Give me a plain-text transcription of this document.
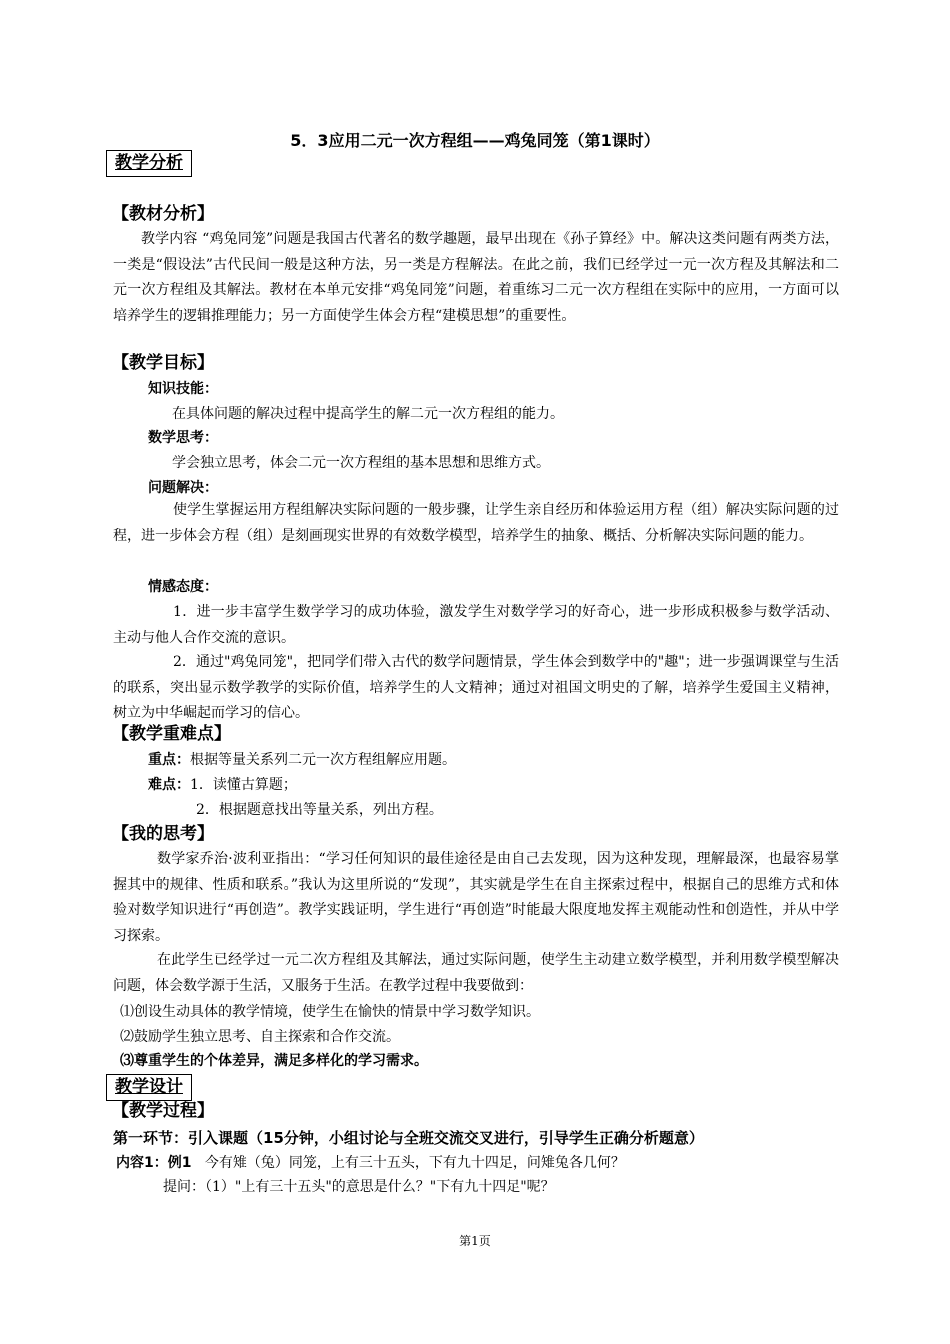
5．3应用二元一次方程组——鸡兔同笼（第1课时）
教学分析
【教材分析】
教学内容 “鸡兔同笼”问题是我国古代著名的数学趣题，最早出现在《孙子算经》中。解决这类问题有两类方法，一类是“假设法”古代民间一般是这种方法，另一类是方程解法。在此之前，我们已经学过一元一次方程及其解法和二元一次方程组及其解法。教材在本单元安排“鸡兔同笼”问题，着重练习二元一次方程组在实际中的应用，一方面可以培养学生的逻辑推理能力；另一方面使学生体会方程“建模思想”的重要性。
【教学目标】
知识技能：
在具体问题的解决过程中提高学生的解二元一次方程组的能力。
数学思考：
学会独立思考，体会二元一次方程组的基本思想和思维方式。
问题解决：
使学生掌握运用方程组解决实际问题的一般步骤，让学生亲自经历和体验运用方程（组）解决实际问题的过程，进一步体会方程（组）是刻画现实世界的有效数学模型，培养学生的抽象、概括、分析解决实际问题的能力。
情感态度：
1．进一步丰富学生数学学习的成功体验，激发学生对数学学习的好奇心，进一步形成积极参与数学活动、主动与他人合作交流的意识。
2．通过"鸡兔同笼"，把同学们带入古代的数学问题情景，学生体会到数学中的"趣"；进一步强调课堂与生活的联系，突出显示数学教学的实际价值，培养学生的人文精神；通过对祖国文明史的了解，培养学生爱国主义精神，树立为中华崛起而学习的信心。
【教学重难点】
重点：根据等量关系列二元一次方程组解应用题。
难点：1．读懂古算题；
2．根据题意找出等量关系，列出方程。
【我的思考】
数学家乔治·波利亚指出：“学习任何知识的最佳途径是由自己去发现，因为这种发现，理解最深，也最容易掌握其中的规律、性质和联系。”我认为这里所说的“发现”，其实就是学生在自主探索过程中，根据自己的思维方式和体验对数学知识进行“再创造”。教学实践证明，学生进行“再创造”时能最大限度地发挥主观能动性和创造性，并从中学习探索。
在此学生已经学过一元二次方程组及其解法，通过实际问题，使学生主动建立数学模型，并利用数学模型解决问题，体会数学源于生活，又服务于生活。在教学过程中我要做到：
⑴创设生动具体的教学情境，使学生在愉快的情景中学习数学知识。
⑵鼓励学生独立思考、自主探索和合作交流。
⑶尊重学生的个体差异，满足多样化的学习需求。
教学设计
【教学过程】
第一环节：引入课题（15分钟，小组讨论与全班交流交叉进行，引导学生正确分析题意）
内容1：例1 今有雉（兔）同笼，上有三十五头，下有九十四足，问雉兔各几何？
提问：（1）"上有三十五头"的意思是什么？"下有九十四足"呢？
第1页
